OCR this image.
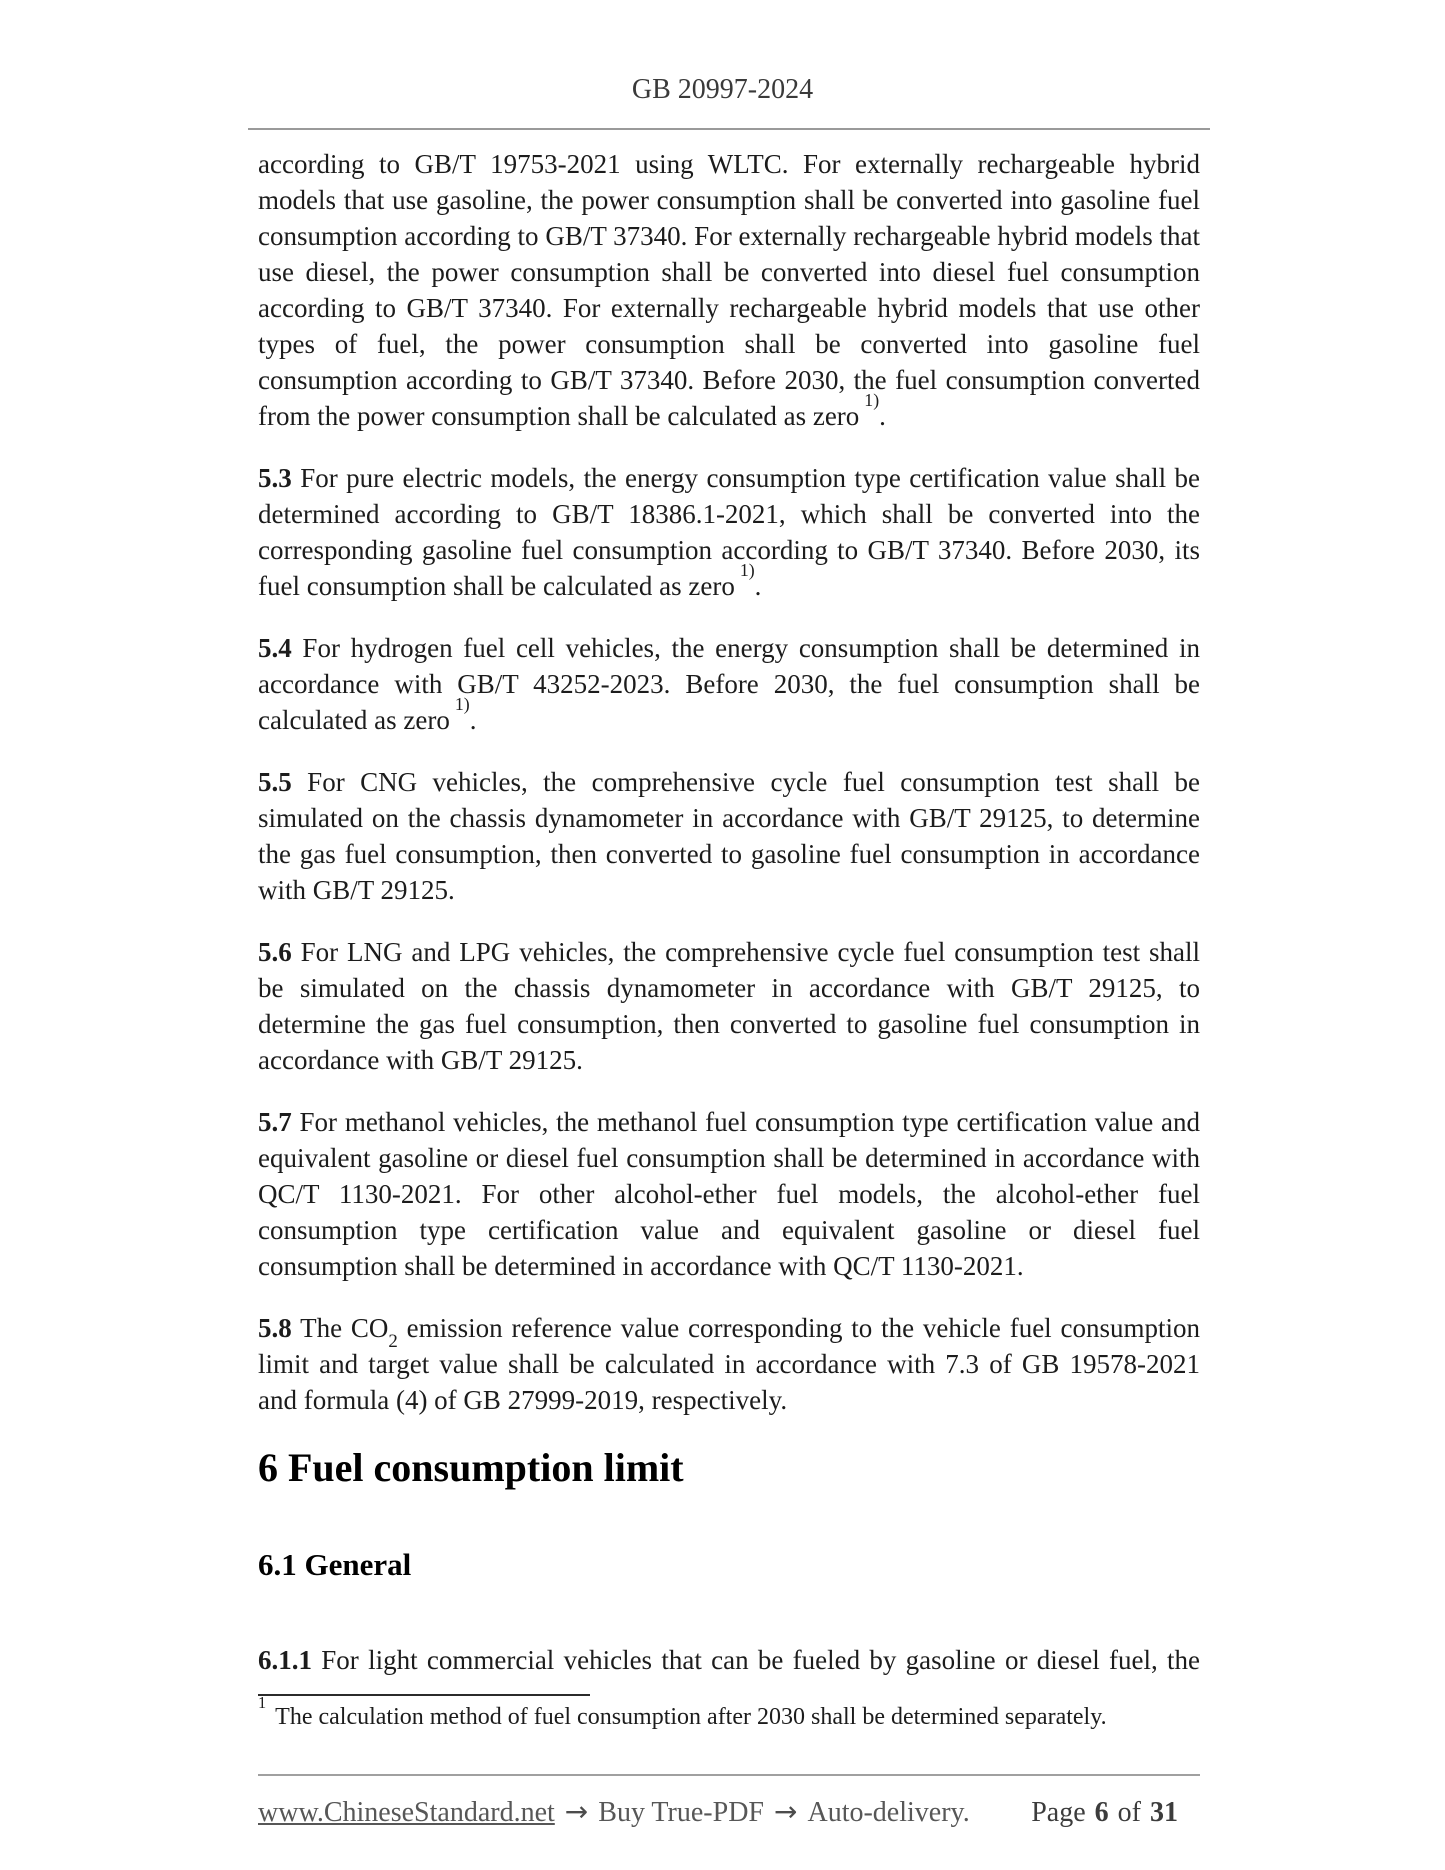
GB 20997-2024

according to GB/T 19753-2021 using WLTC. For externally rechargeable hybrid models that use gasoline, the power consumption shall be converted into gasoline fuel consumption according to GB/T 37340. For externally rechargeable hybrid models that use diesel, the power consumption shall be converted into diesel fuel consumption according to GB/T 37340. For externally rechargeable hybrid models that use other types of fuel, the power consumption shall be converted into gasoline fuel consumption according to GB/T 37340. Before 2030, the fuel consumption converted from the power consumption shall be calculated as zero$^{1)}$.

5.3 For pure electric models, the energy consumption type certification value shall be determined according to GB/T 18386.1-2021, which shall be converted into the corresponding gasoline fuel consumption according to GB/T 37340. Before 2030, its fuel consumption shall be calculated as zero$^{1)}$.

5.4 For hydrogen fuel cell vehicles, the energy consumption shall be determined in accordance with GB/T 43252-2023. Before 2030, the fuel consumption shall be calculated as zero$^{1)}$.

5.5 For CNG vehicles, the comprehensive cycle fuel consumption test shall be simulated on the chassis dynamometer in accordance with GB/T 29125, to determine the gas fuel consumption, then converted to gasoline fuel consumption in accordance with GB/T 29125.

5.6 For LNG and LPG vehicles, the comprehensive cycle fuel consumption test shall be simulated on the chassis dynamometer in accordance with GB/T 29125, to determine the gas fuel consumption, then converted to gasoline fuel consumption in accordance with GB/T 29125.

5.7 For methanol vehicles, the methanol fuel consumption type certification value and equivalent gasoline or diesel fuel consumption shall be determined in accordance with QC/T 1130-2021. For other alcohol-ether fuel models, the alcohol-ether fuel consumption type certification value and equivalent gasoline or diesel fuel consumption shall be determined in accordance with QC/T 1130-2021.

5.8 The $CO_2$ emission reference value corresponding to the vehicle fuel consumption limit and target value shall be calculated in accordance with 7.3 of GB 19578-2021 and formula (4) of GB 27999-2019, respectively.

6 Fuel consumption limit
6.1 General

6.1.1 For light commercial vehicles that can be fueled by gasoline or diesel fuel, the

$^1$The calculation method of fuel consumption after 2030 shall be determined separately.
www.ChineseStandard.net → Buy True-PDF → Auto-delivery. Page 6 of 31
